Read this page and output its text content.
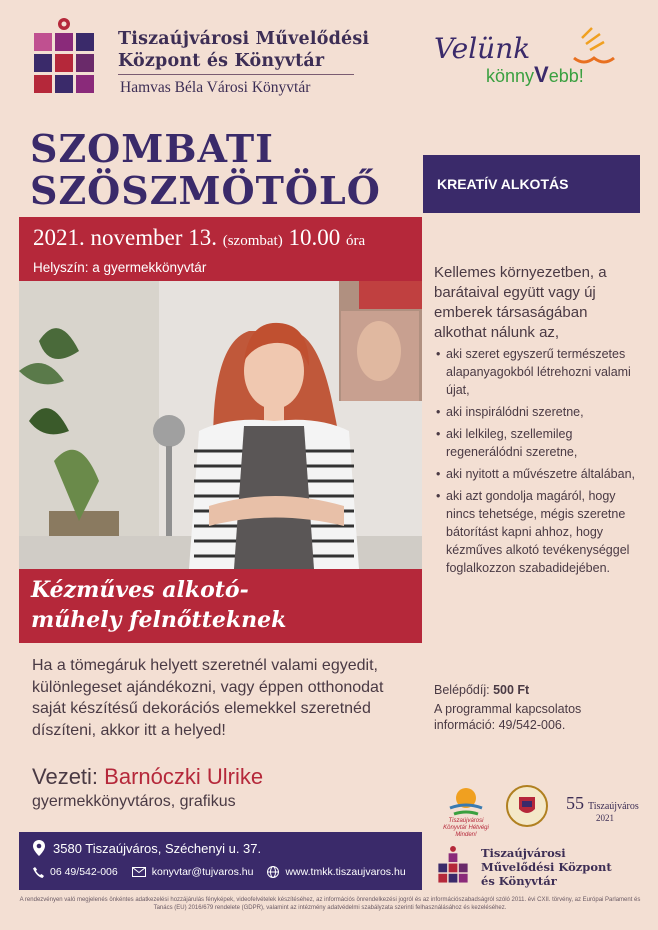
Tiszaújvárosi Művelődési
Központ és Könyvtár
Hamvas Béla Városi Könyvtár
Velünk
könnyVebb!
SZOMBATI
SZÖSZMÖTÖLŐ	KREATÍV ALKOTÁS
2021. november 13. (szombat) 10.00 óra
Helyszín: a gyermekkönyvtár
Kézműves alkotó-
műhely felnőtteknek
Kellemes környezetben, a barátaival együtt vagy új emberek társaságában alkothat nálunk az,
• aki szeret egyszerű természetes alapanyagokból létrehozni valami újat,
• aki inspirálódni szeretne,
• aki lelkileg, szellemileg regenerálódni szeretne,
• aki nyitott a művészetre általában,
• aki azt gondolja magáról, hogy nincs tehetsége, mégis szeretne bátorítást kapni ahhoz, hogy kézműves alkotó tevékenységgel foglalkozzon szabadidejében.
Ha a tömegáruk helyett szeretnél valami egyedit, különlegeset ajándékozni, vagy éppen otthonodat saját készítésű dekorációs elemekkel szeretnéd díszíteni, akkor itt a helyed!
Vezeti: Barnóczki Ulrike
gyermekkönyvtáros, grafikus
Belépődíj: 500 Ft
A programmal kapcsolatos információ: 49/542-006.
Tiszaújvárosi Könyvtár Hétvégi Minden!
55 Tiszaújváros
2021
3580 Tiszaújváros, Széchenyi u. 37.
06 49/542-006	konyvtar@tujvaros.hu	www.tmkk.tiszaujvaros.hu
Tiszaújvárosi
Művelődési Központ
és Könyvtár
A rendezvényen való megjelenés önkéntes adatkezelési hozzájárulás fényképek, videofelvételek készítéséhez, az információs önrendelkezési jogról és az információszabadságról szóló 2011. évi CXII. törvény, az Európai Parlament és Tanács (EU) 2016/679 rendelete (GDPR), valamint az intézmény adatvédelmi szabályzata szerinti felhasználásához és kezeléséhez.
